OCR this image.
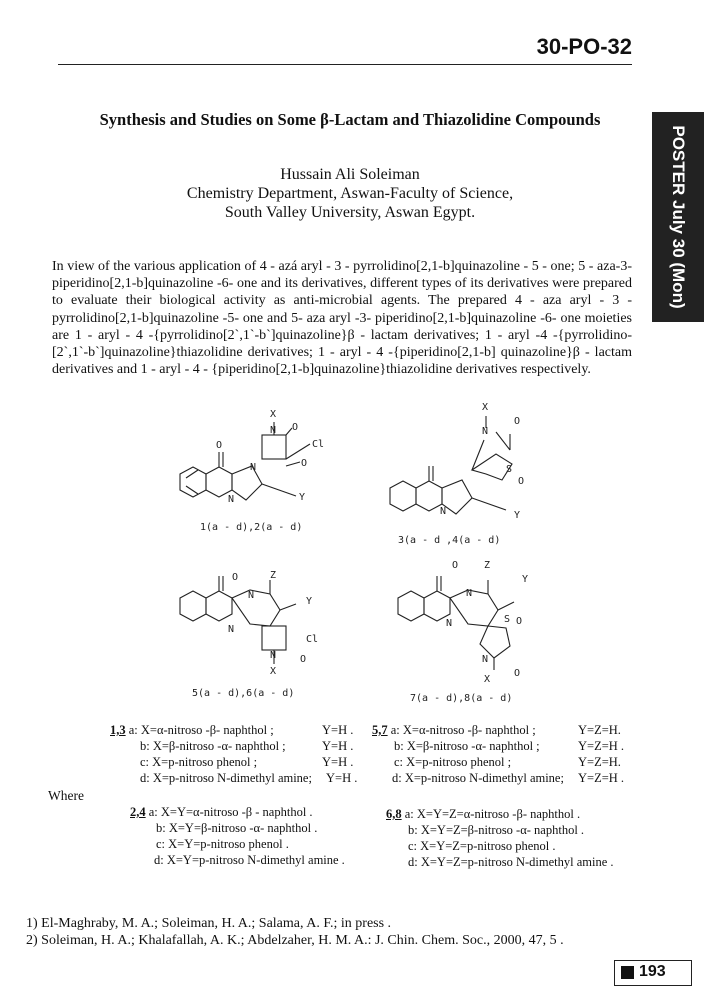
30-PO-32
POSTER July 30 (Mon)
Synthesis and Studies on Some β-Lactam and Thiazolidine Compounds
Hussain Ali Soleiman
Chemistry Department, Aswan-Faculty of Science,
South Valley University, Aswan Egypt.
In view of the various application of 4 - azá aryl - 3 - pyrrolidino[2,1-b]quinazoline - 5 - one; 5 - aza-3-piperidino[2,1-b]quinazoline -6- one and its derivatives, different types of its derivatives were prepared to evaluate their biological activity as anti-microbial agents. The prepared 4 - aza aryl - 3 - pyrrolidino[2,1-b]quinazoline -5- one and 5- aza aryl -3- piperidino[2,1-b]quinazoline -6- one moieties are 1 - aryl - 4 -{pyrrolidino[2`,1`-b`]quinazoline}β - lactam derivatives; 1 - aryl -4 -{pyrrolidino- [2`,1`-b`]quinazoline}thiazolidine derivatives; 1 - aryl - 4 -{piperidino[2,1-b] quinazoline}β - lactam derivatives and 1 - aryl - 4 - {piperidino[2,1-b]quinazoline}thiazolidine derivatives respectively.
X
N O
Cl
O
Y
O
N
N
1(a - d),2(a - d)
X
N
O
S
O
Y
N
3(a - d ,4(a - d)
Z
Y
O
N
N
Cl
N O
X
5(a - d),6(a - d)
Z
Y
O
N
N	S O
N
O
X
7(a - d),8(a - d)
1,3 a: X=α-nitroso -β- naphthol ;
b: X=β-nitroso -α- naphthol ;
c: X=p-nitroso phenol ;
d: X=p-nitroso N-dimethyl amine;
Y=H .
Y=H .
Y=H .
Y=H .
5,7 a: X=α-nitroso -β- naphthol ;
b: X=β-nitroso -α- naphthol ;
c: X=p-nitroso phenol ;
d: X=p-nitroso N-dimethyl amine;
Y=Z=H.
Y=Z=H .
Y=Z=H.
Y=Z=H .
Where
2,4 a: X=Y=α-nitroso -β - naphthol .
b: X=Y=β-nitroso -α- naphthol .
c: X=Y=p-nitroso phenol .
d: X=Y=p-nitroso N-dimethyl amine .
6,8 a: X=Y=Z=α-nitroso -β- naphthol .
b: X=Y=Z=β-nitroso -α- naphthol .
c: X=Y=Z=p-nitroso phenol .
d: X=Y=Z=p-nitroso N-dimethyl amine .
1) El-Maghraby, M. A.; Soleiman, H. A.; Salama, A. F.; in press .
2) Soleiman, H. A.; Khalafallah, A. K.; Abdelzaher, H. M. A.: J. Chin. Chem. Soc., 2000, 47, 5 .
193
